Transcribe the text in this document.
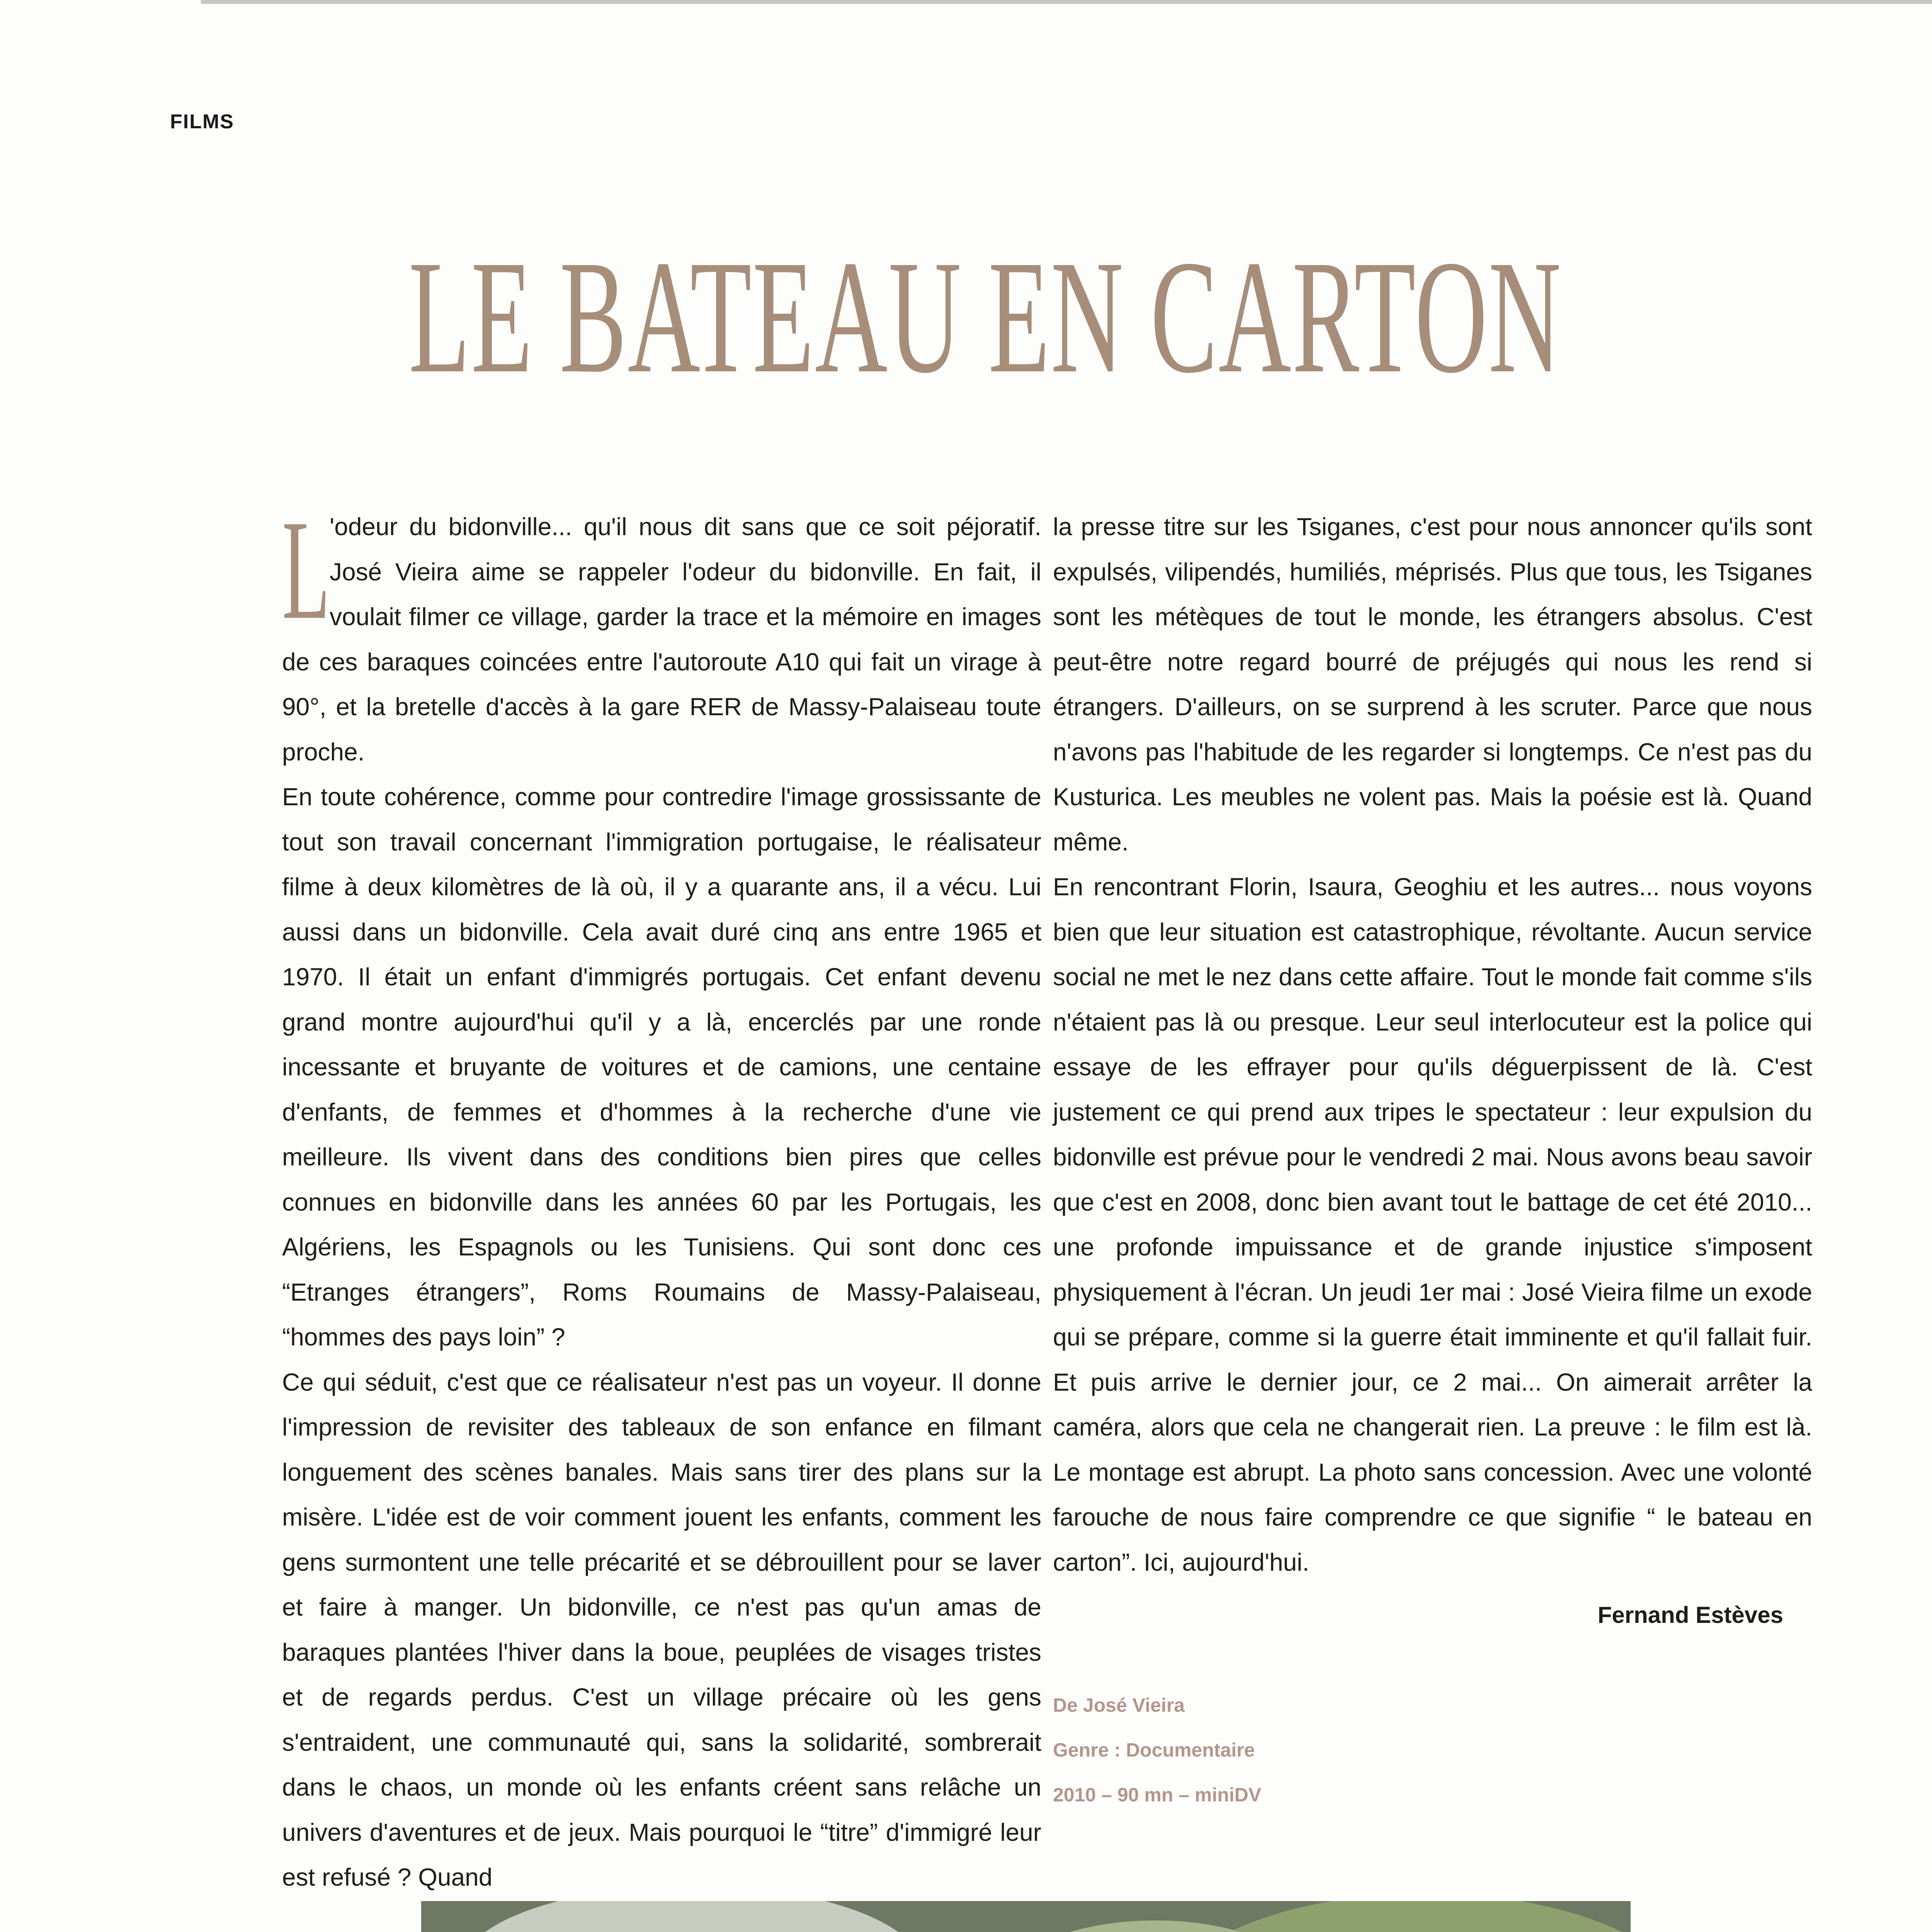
FILMS
LE BATEAU EN CARTON

L
'odeur du bidonville... qu'il nous dit sans que ce soit péjoratif. José Vieira aime se rappeler l'odeur du bidonville. En fait, il voulait filmer ce village, garder la trace et la mémoire en images de ces baraques coincées entre l'autoroute A10 qui fait un virage à 90°, et la bretelle d'accès à la gare RER de Massy-Palaiseau toute proche.

En toute cohérence, comme pour contredire l'image grossissante de tout son travail concernant l'immigration portugaise, le réalisateur filme à deux kilomètres de là où, il y a quarante ans, il a vécu. Lui aussi dans un bidonville. Cela avait duré cinq ans entre 1965 et 1970. Il était un enfant d'immigrés portugais. Cet enfant devenu grand montre aujourd'hui qu'il y a là, encerclés par une ronde incessante et bruyante de voitures et de camions, une centaine d'enfants, de femmes et d'hommes à la recherche d'une vie meilleure. Ils vivent dans des conditions bien pires que celles connues en bidonville dans les années 60 par les Portugais, les Algériens, les Espagnols ou les Tunisiens. Qui sont donc ces “Etranges étrangers”, Roms Roumains de Massy-Palaiseau, “hommes des pays loin” ?

Ce qui séduit, c'est que ce réalisateur n'est pas un voyeur. Il donne l'impression de revisiter des tableaux de son enfance en filmant longuement des scènes banales. Mais sans tirer des plans sur la misère. L'idée est de voir comment jouent les enfants, comment les gens surmontent une telle précarité et se débrouillent pour se laver et faire à manger. Un bidonville, ce n'est pas qu'un amas de baraques plantées l'hiver dans la boue, peuplées de visages tristes et de regards perdus. C'est un village précaire où les gens s'entraident, une communauté qui, sans la solidarité, sombrerait dans le chaos, un monde où les enfants créent sans relâche un univers d'aventures et de jeux. Mais pourquoi le “titre” d'immigré leur est refusé ? Quand

la presse titre sur les Tsiganes, c'est pour nous annoncer qu'ils sont expulsés, vilipendés, humiliés, méprisés. Plus que tous, les Tsiganes sont les métèques de tout le monde, les étrangers absolus. C'est peut-être notre regard bourré de préjugés qui nous les rend si étrangers. D'ailleurs, on se surprend à les scruter. Parce que nous n'avons pas l'habitude de les regarder si longtemps. Ce n'est pas du Kusturica. Les meubles ne volent pas. Mais la poésie est là. Quand même.

En rencontrant Florin, Isaura, Geoghiu et les autres... nous voyons bien que leur situation est catastrophique, révoltante. Aucun service social ne met le nez dans cette affaire. Tout le monde fait comme s'ils n'étaient pas là ou presque. Leur seul interlocuteur est la police qui essaye de les effrayer pour qu'ils déguerpissent de là. C'est justement ce qui prend aux tripes le spectateur : leur expulsion du bidonville est prévue pour le vendredi 2 mai. Nous avons beau savoir que c'est en 2008, donc bien avant tout le battage de cet été 2010... une profonde impuissance et de grande injustice s'imposent physiquement à l'écran. Un jeudi 1er mai : José Vieira filme un exode qui se prépare, comme si la guerre était imminente et qu'il fallait fuir. Et puis arrive le dernier jour, ce 2 mai... On aimerait arrêter la caméra, alors que cela ne changerait rien. La preuve : le film est là. Le montage est abrupt. La photo sans concession. Avec une volonté farouche de nous faire comprendre ce que signifie “ le bateau en carton”. Ici, aujourd'hui.

Fernand Estèves
De José Vieira
Genre : Documentaire
2010 – 90 mn – miniDV
